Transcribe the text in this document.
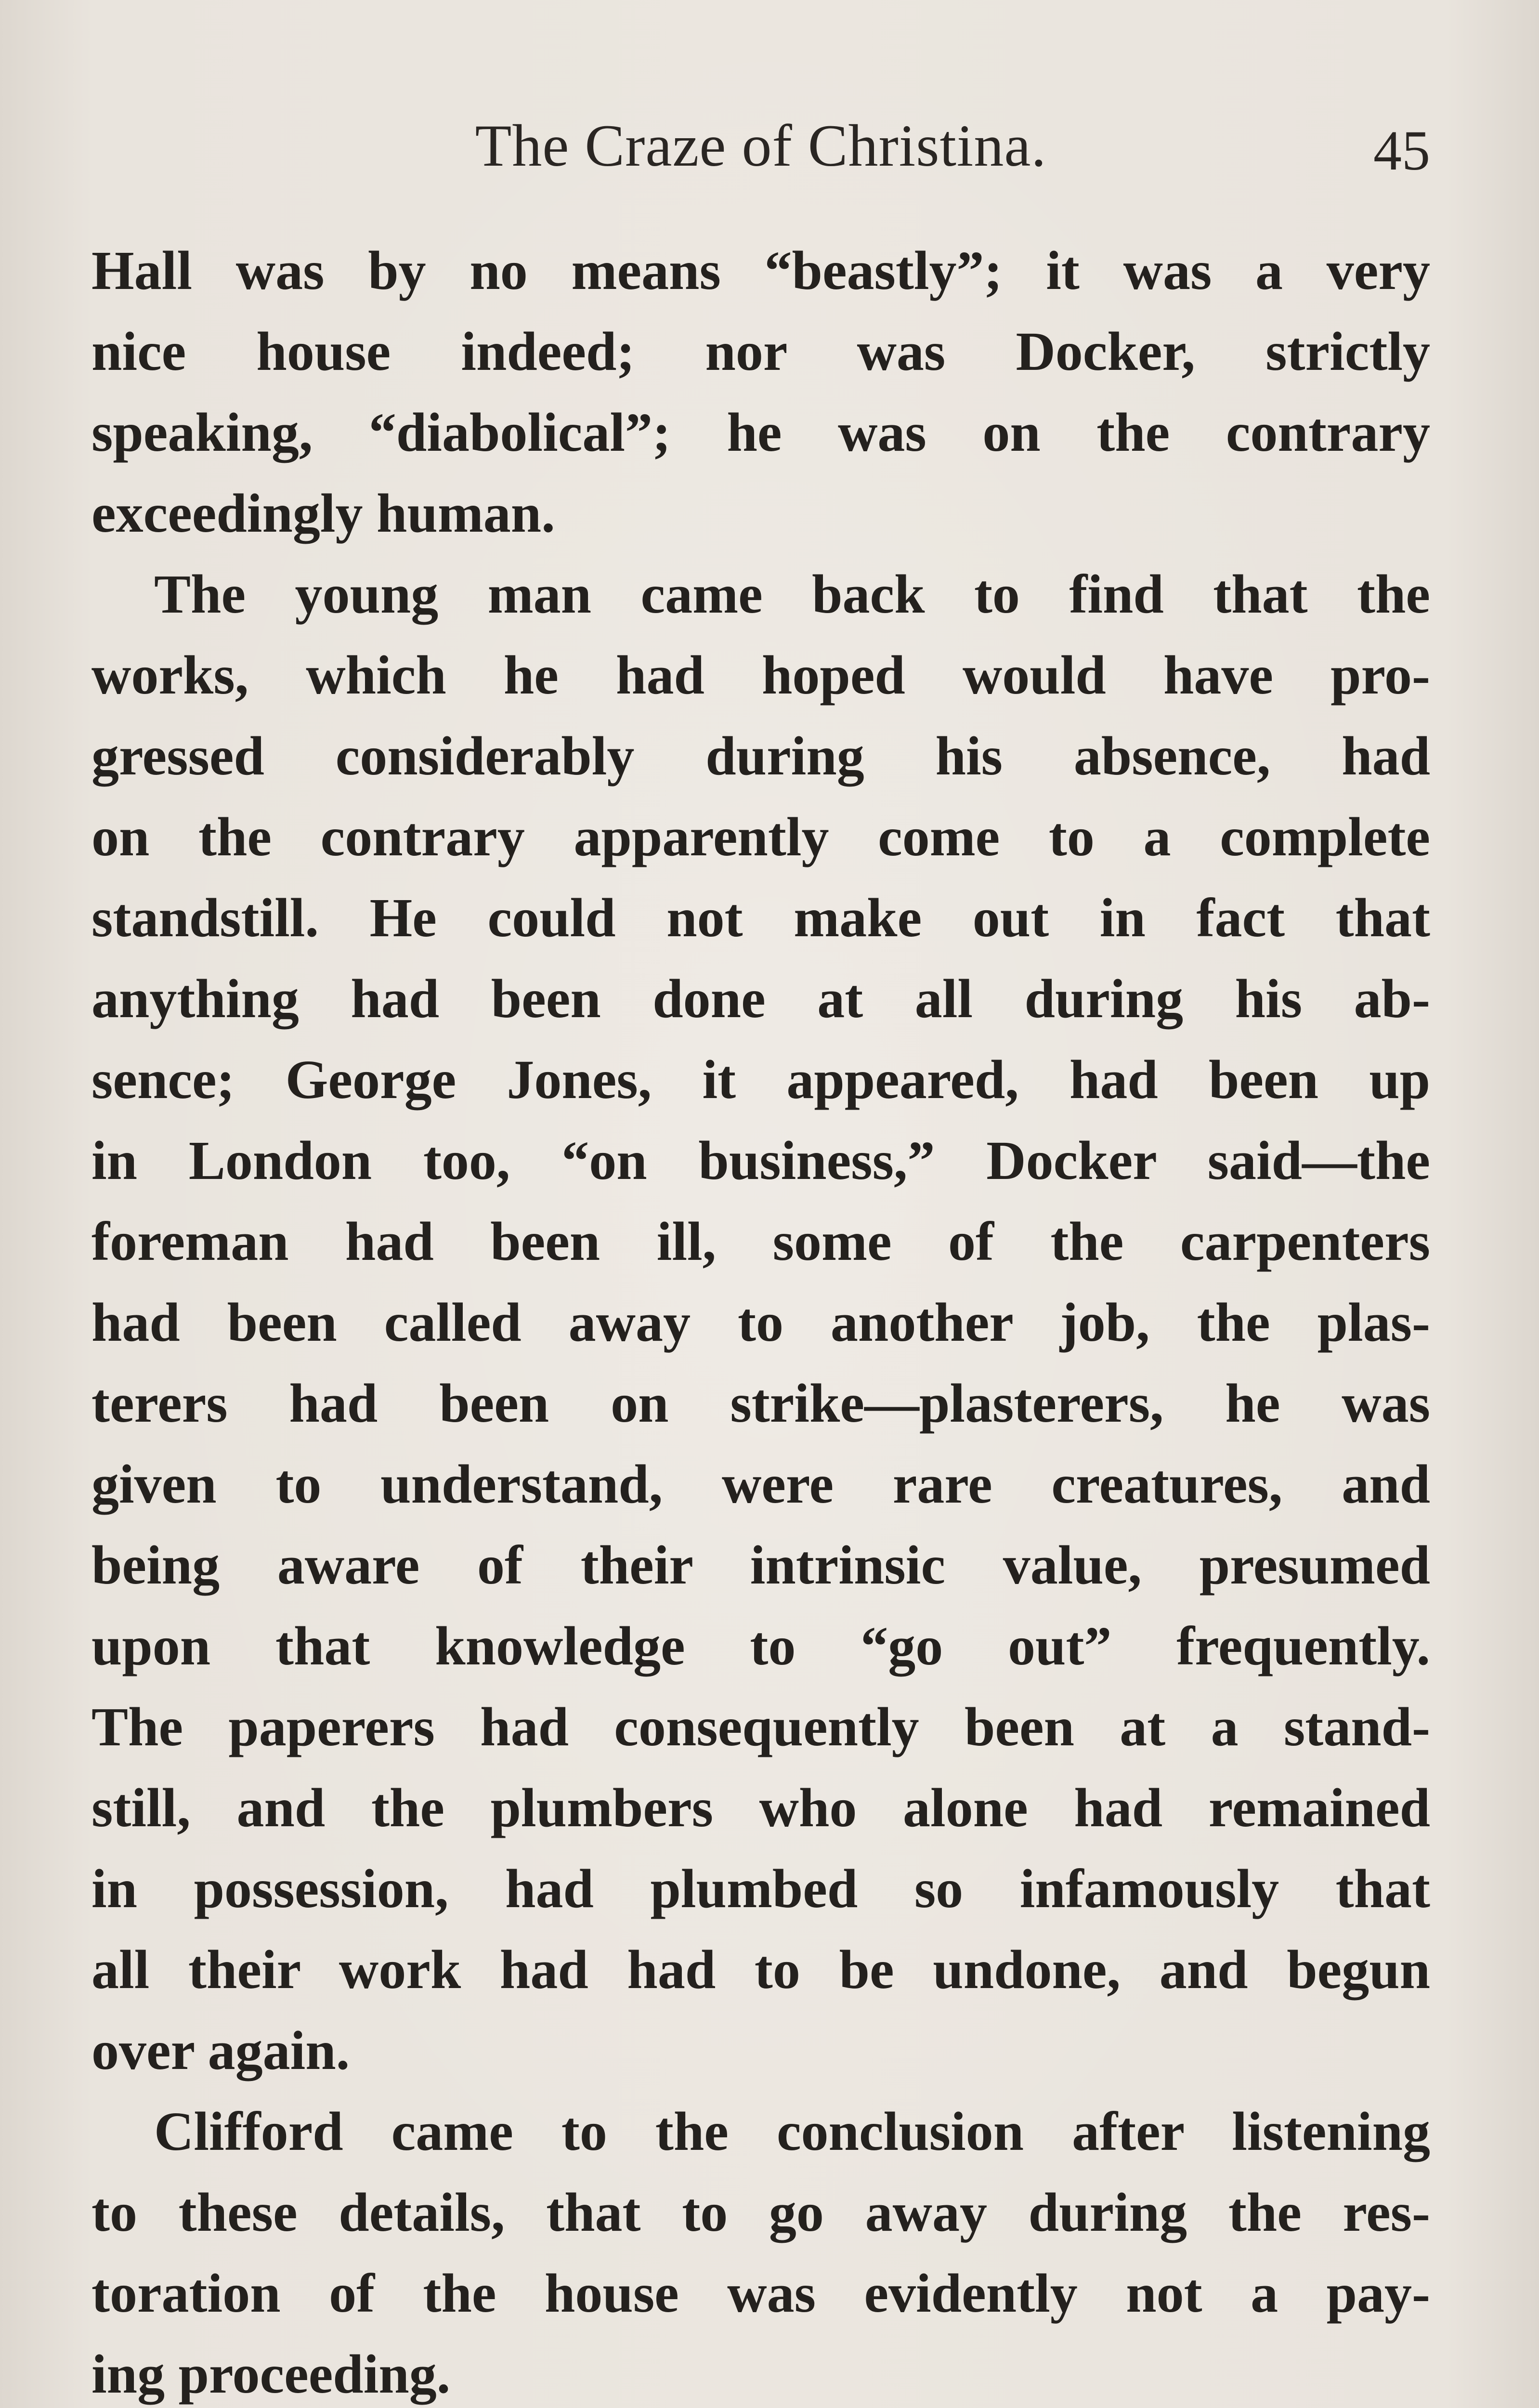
The Craze of Christina.	45
Hall was by no means “beastly”; it was a very
nice house indeed; nor was Docker, strictly
speaking, “diabolical”; he was on the contrary
exceedingly human.
The young man came back to find that the
works, which he had hoped would have pro-
gressed considerably during his absence, had
on the contrary apparently come to a complete
standstill. He could not make out in fact that
anything had been done at all during his ab-
sence; George Jones, it appeared, had been up
in London too, “on business,” Docker said—the
foreman had been ill, some of the carpenters
had been called away to another job, the plas-
terers had been on strike—plasterers, he was
given to understand, were rare creatures, and
being aware of their intrinsic value, presumed
upon that knowledge to “go out” frequently.
The paperers had consequently been at a stand-
still, and the plumbers who alone had remained
in possession, had plumbed so infamously that
all their work had had to be undone, and begun
over again.
Clifford came to the conclusion after listening
to these details, that to go away during the res-
toration of the house was evidently not a pay-
ing proceeding.
